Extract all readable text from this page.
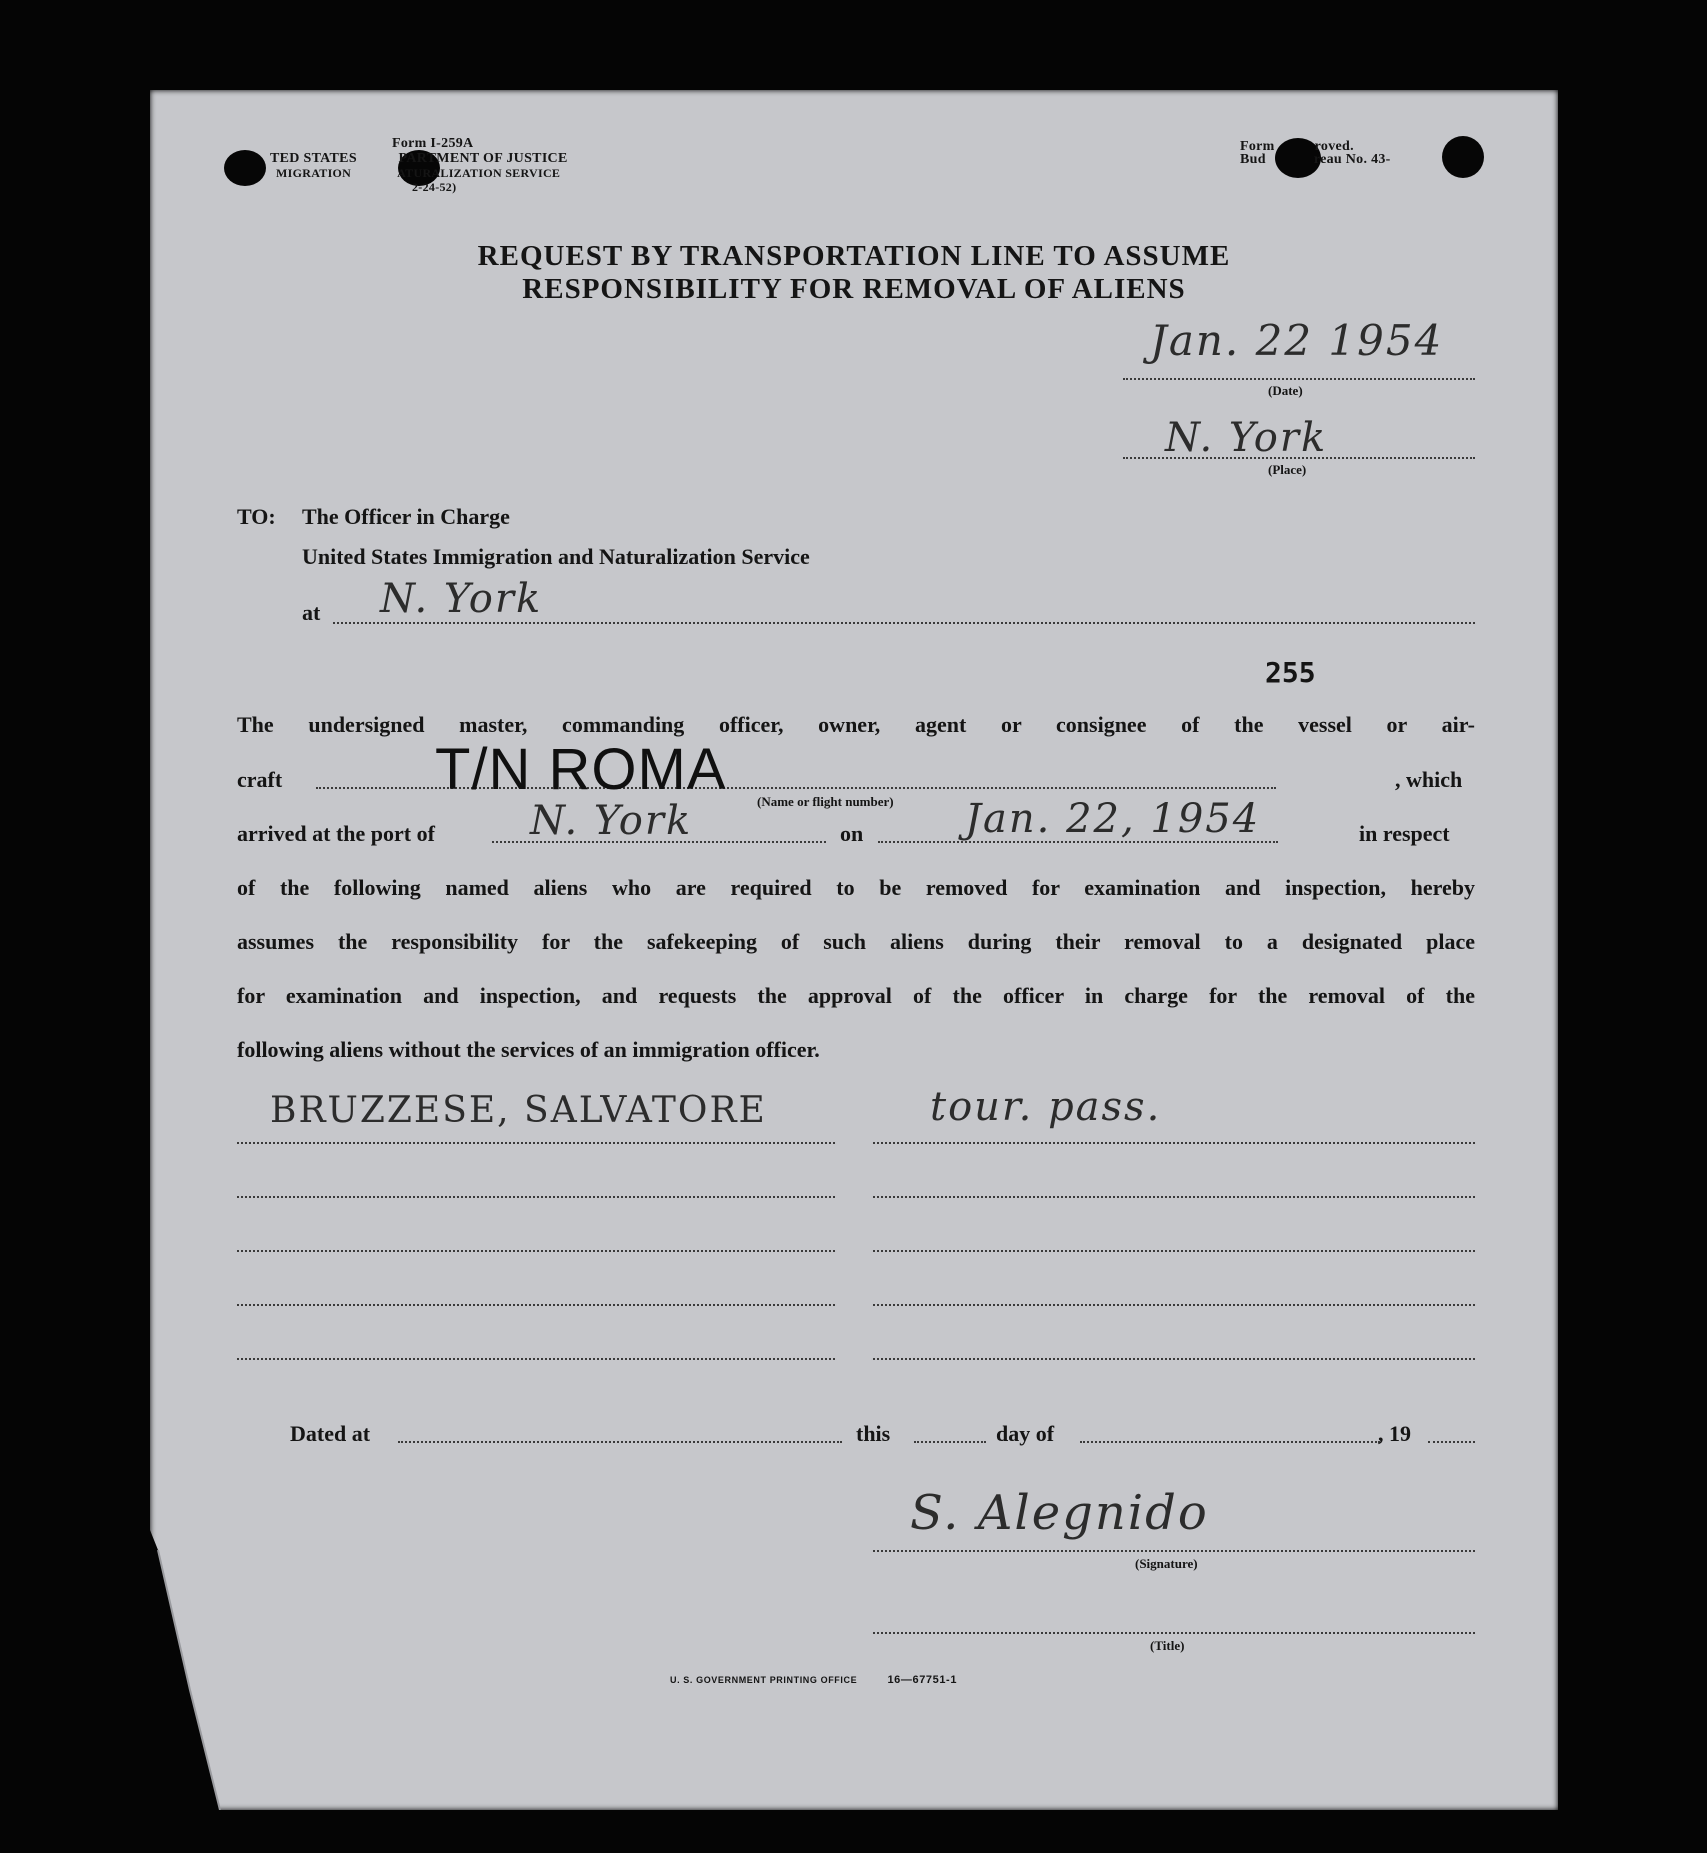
Form I-259A
TED STATES	PARTMENT OF JUSTICE
MIGRATION	ATURALIZATION SERVICE
2-24-52)
Form	roved.
Bud	reau No. 43-
REQUEST BY TRANSPORTATION LINE TO ASSUME
RESPONSIBILITY FOR REMOVAL OF ALIENS
Jan. 22 1954
(Date)
N. York
(Place)
TO: The Officer in Charge
United States Immigration and Naturalization Service
at N. York
255
The undersigned master, commanding officer, owner, agent or consignee of the vessel or air-
craft	T/N ROMA	, which
(Name or flight number)
arrived at the port of N. York	on	Jan. 22, 1954	in respect
of the following named aliens who are required to be removed for examination and inspection, hereby
assumes the responsibility for the safekeeping of such aliens during their removal to a designated place
for examination and inspection, and requests the approval of the officer in charge for the removal of the
following aliens without the services of an immigration officer.
BRUZZESE, SALVATORE	tour. pass.
Dated at	this	day of	, 19
S. Alegnido
(Signature)
(Title)
U. S. GOVERNMENT PRINTING OFFICE	16—67751-1
